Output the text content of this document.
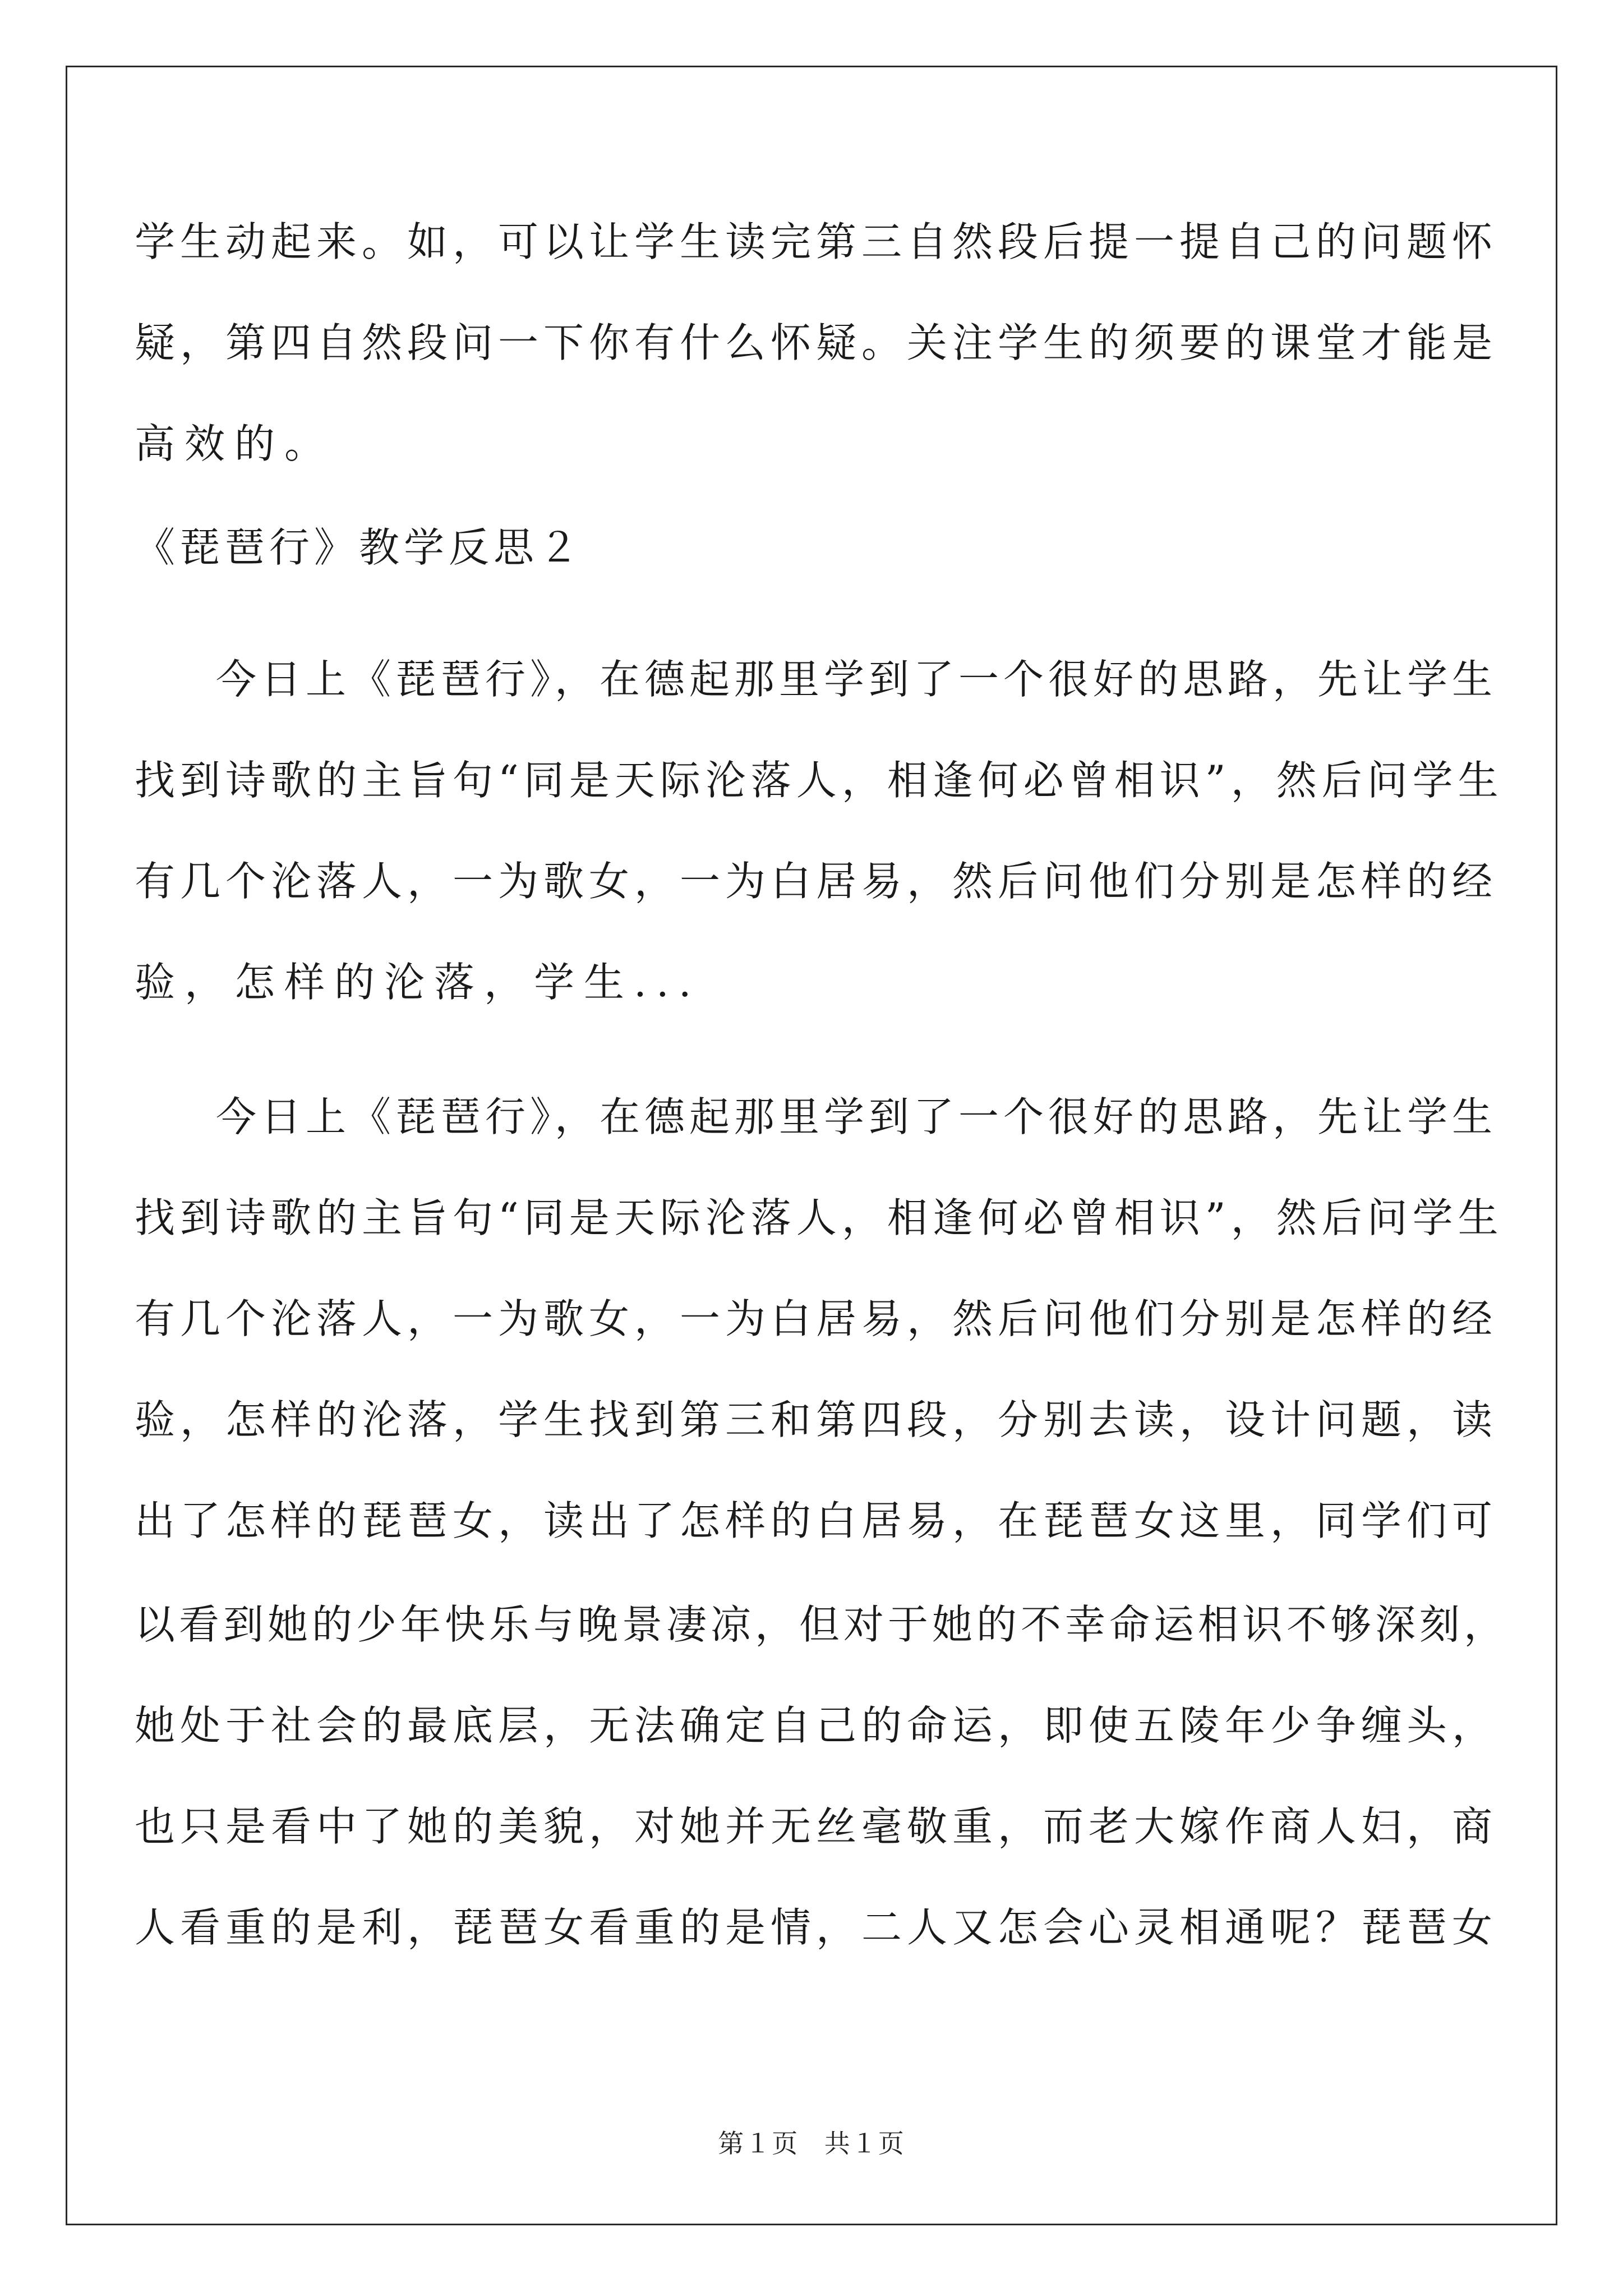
学生动起来。如，可以让学生读完第三自然段后提一提自己的问题怀
疑，第四自然段问一下你有什么怀疑。关注学生的须要的课堂才能是
高效的。
《琵琶行》教学反思２
今日上《琵琶行》，在德起那里学到了一个很好的思路，先让学生
找到诗歌的主旨句“同是天际沦落人，相逢何必曾相识”，然后问学生
有几个沦落人，一为歌女，一为白居易，然后问他们分别是怎样的经
验，怎样的沦落，学生...
今日上《琵琶行》，在德起那里学到了一个很好的思路，先让学生
找到诗歌的主旨句“同是天际沦落人，相逢何必曾相识”，然后问学生
有几个沦落人，一为歌女，一为白居易，然后问他们分别是怎样的经
验，怎样的沦落，学生找到第三和第四段，分别去读，设计问题，读
出了怎样的琵琶女，读出了怎样的白居易，在琵琶女这里，同学们可
以看到她的少年快乐与晚景凄凉，但对于她的不幸命运相识不够深刻，
她处于社会的最底层，无法确定自己的命运，即使五陵年少争缠头，
也只是看中了她的美貌，对她并无丝毫敬重，而老大嫁作商人妇，商
人看重的是利，琵琶女看重的是情，二人又怎会心灵相通呢？琵琶女
第１页 共１页
